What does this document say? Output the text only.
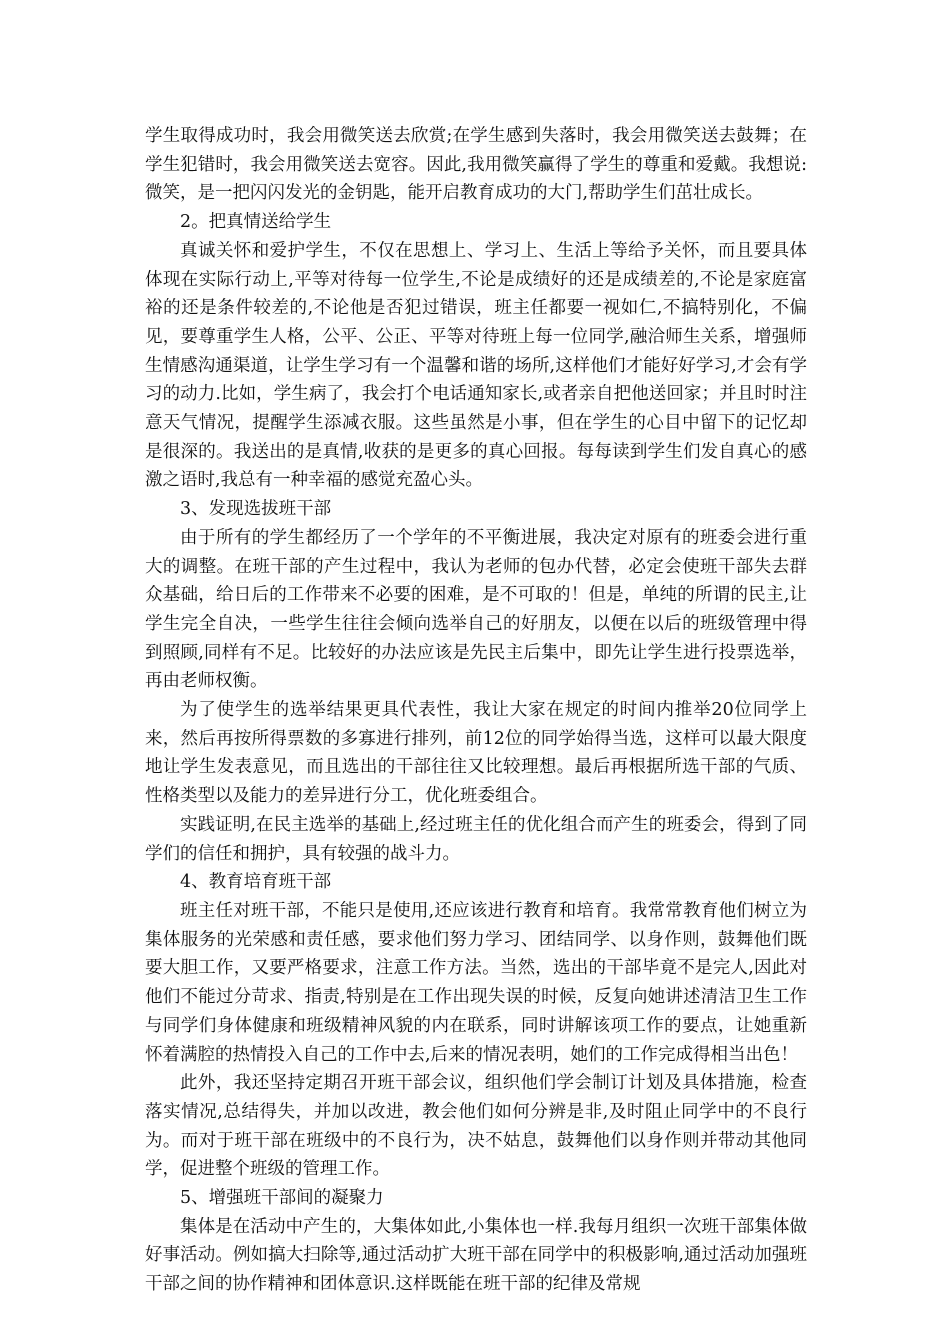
学生取得成功时，我会用微笑送去欣赏;在学生感到失落时，我会用微笑送去鼓舞；在学生犯错时，我会用微笑送去宽容。因此,我用微笑赢得了学生的尊重和爱戴。我想说:微笑，是一把闪闪发光的金钥匙，能开启教育成功的大门,帮助学生们茁壮成长。

2。把真情送给学生

真诚关怀和爱护学生，不仅在思想上、学习上、生活上等给予关怀，而且要具体体现在实际行动上,平等对待每一位学生,不论是成绩好的还是成绩差的,不论是家庭富裕的还是条件较差的,不论他是否犯过错误，班主任都要一视如仁,不搞特别化，不偏见，要尊重学生人格，公平、公正、平等对待班上每一位同学,融洽师生关系，增强师生情感沟通渠道，让学生学习有一个温馨和谐的场所,这样他们才能好好学习,才会有学习的动力.比如，学生病了，我会打个电话通知家长,或者亲自把他送回家；并且时时注意天气情况，提醒学生添减衣服。这些虽然是小事，但在学生的心目中留下的记忆却是很深的。我送出的是真情,收获的是更多的真心回报。每每读到学生们发自真心的感激之语时,我总有一种幸福的感觉充盈心头。

3、发现选拔班干部

由于所有的学生都经历了一个学年的不平衡进展，我决定对原有的班委会进行重大的调整。在班干部的产生过程中，我认为老师的包办代替，必定会使班干部失去群众基础，给日后的工作带来不必要的困难，是不可取的！但是，单纯的所谓的民主,让学生完全自决，一些学生往往会倾向选举自己的好朋友，以便在以后的班级管理中得到照顾,同样有不足。比较好的办法应该是先民主后集中，即先让学生进行投票选举，再由老师权衡。

为了使学生的选举结果更具代表性，我让大家在规定的时间内推举20位同学上来，然后再按所得票数的多寡进行排列，前12位的同学始得当选，这样可以最大限度地让学生发表意见，而且选出的干部往往又比较理想。最后再根据所选干部的气质、性格类型以及能力的差异进行分工，优化班委组合。

实践证明,在民主选举的基础上,经过班主任的优化组合而产生的班委会，得到了同学们的信任和拥护，具有较强的战斗力。

4、教育培育班干部

班主任对班干部，不能只是使用,还应该进行教育和培育。我常常教育他们树立为集体服务的光荣感和责任感，要求他们努力学习、团结同学、以身作则，鼓舞他们既要大胆工作，又要严格要求，注意工作方法。当然，选出的干部毕竟不是完人,因此对他们不能过分苛求、指责,特别是在工作出现失误的时候，反复向她讲述清洁卫生工作与同学们身体健康和班级精神风貌的内在联系，同时讲解该项工作的要点，让她重新怀着满腔的热情投入自己的工作中去,后来的情况表明，她们的工作完成得相当出色！

此外，我还坚持定期召开班干部会议，组织他们学会制订计划及具体措施，检查落实情况,总结得失，并加以改进，教会他们如何分辨是非,及时阻止同学中的不良行为。而对于班干部在班级中的不良行为，决不姑息，鼓舞他们以身作则并带动其他同学，促进整个班级的管理工作。

5、增强班干部间的凝聚力

集体是在活动中产生的，大集体如此,小集体也一样.我每月组织一次班干部集体做好事活动。例如搞大扫除等,通过活动扩大班干部在同学中的积极影响,通过活动加强班干部之间的协作精神和团体意识.这样既能在班干部的纪律及常规
